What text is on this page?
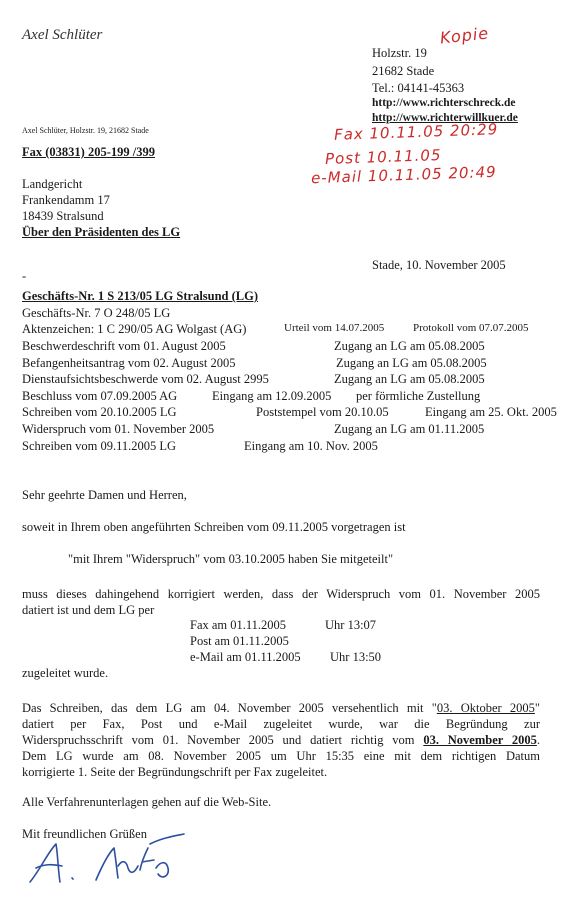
Axel Schlüter	Kopie
Holzstr. 19
21682 Stade
Tel.: 04141-45363
http://www.richterschreck.de
http://www.richterwillkuer.de
Axel Schlüter, Holzstr. 19, 21682 Stade	Fax 10.11.05 20:29
Post 10.11.05
e-Mail 10.11.05 20:49
Fax (03831) 205-199 /399
Landgericht
Frankendamm 17
18439 Stralsund
Über den Präsidenten des LG
Stade, 10. November 2005
-
Geschäfts-Nr. 1 S 213/05 LG Stralsund (LG)
Geschäfts-Nr. 7 O 248/05 LG
Aktenzeichen: 1 C 290/05 AG Wolgast (AG)	Urteil vom 14.07.2005	Protokoll vom 07.07.2005
Beschwerdeschrift vom 01. August 2005	Zugang an LG am 05.08.2005
Befangenheitsantrag vom 02. August 2005	Zugang an LG am 05.08.2005
Dienstaufsichtsbeschwerde vom 02. August 2995	Zugang an LG am 05.08.2005
Beschluss vom 07.09.2005 AG	Eingang am 12.09.2005 per förmliche Zustellung
Schreiben vom 20.10.2005 LG	Poststempel vom 20.10.05	Eingang am 25. Okt. 2005
Widerspruch vom 01. November 2005	Zugang an LG am 01.11.2005
Schreiben vom 09.11.2005 LG	Eingang am 10. Nov. 2005
Sehr geehrte Damen und Herren,
soweit in Ihrem oben angeführten Schreiben vom 09.11.2005 vorgetragen ist
"mit Ihrem "Widerspruch" vom 03.10.2005 haben Sie mitgeteilt"
muss dieses dahingehend korrigiert werden, dass der Widerspruch vom 01. November 2005
datiert ist und dem LG per
Fax am 01.11.2005	Uhr 13:07
Post am 01.11.2005
e-Mail am 01.11.2005 Uhr 13:50
zugeleitet wurde.
Das Schreiben, das dem LG am 04. November 2005 versehentlich mit "03. Oktober 2005"
datiert per Fax, Post und e-Mail zugeleitet wurde, war die Begründung zur
Widerspruchsschrift vom 01. November 2005 und datiert richtig vom 03. November 2005.
Dem LG wurde am 08. November 2005 um Uhr 15:35 eine mit dem richtigen Datum
korrigierte 1. Seite der Begründungschrift per Fax zugeleitet.
Alle Verfahrenunterlagen gehen auf die Web-Site.
Mit freundlichen Grüßen
